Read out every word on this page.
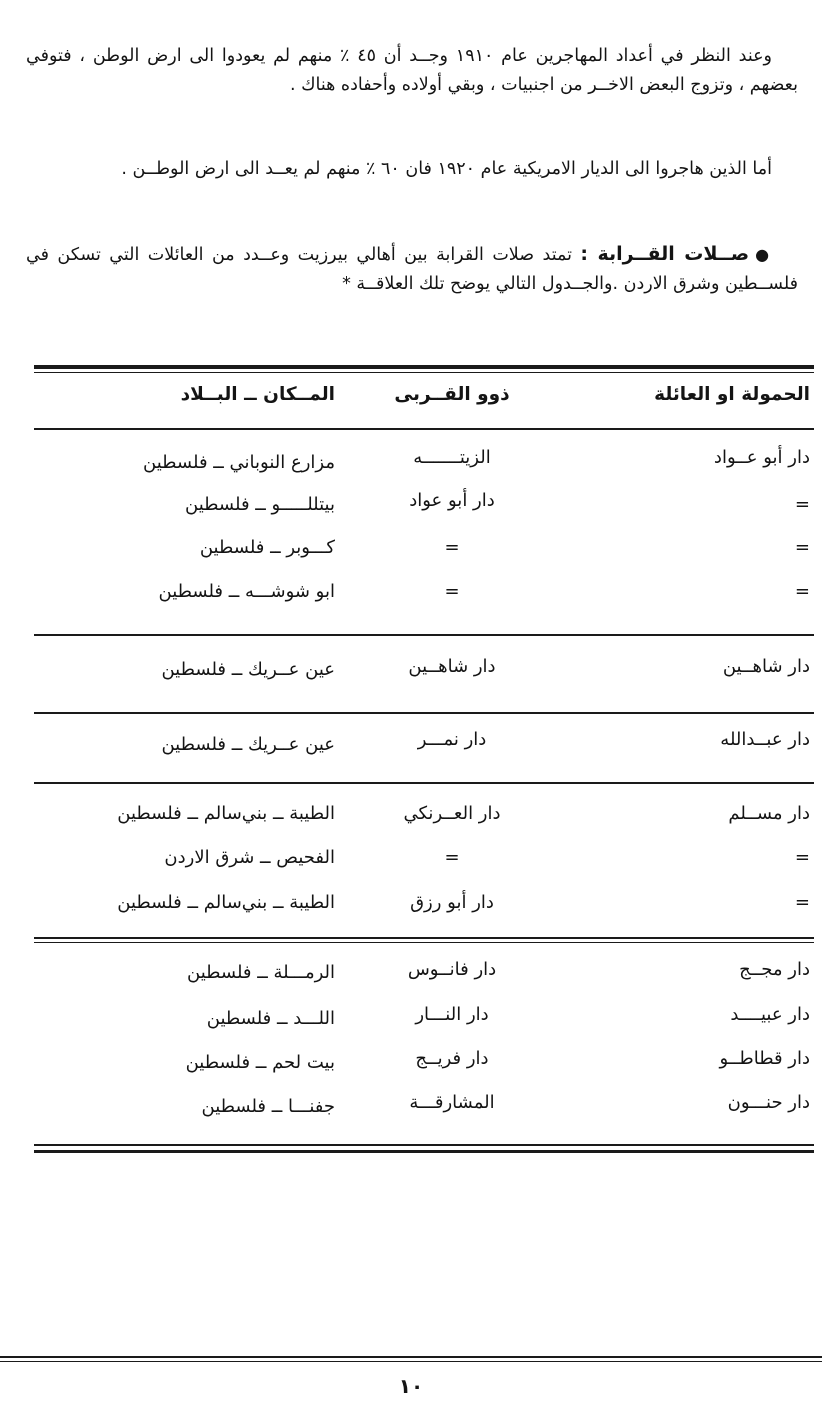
وعند النظر في أعداد المهاجرين عام ١٩١٠ وجــد أن ٤٥ ٪ منهم لم يعودوا الى ارض الوطن ، فتوفي بعضهم ، وتزوج البعض الاخــر من اجنبيات ، وبقي أولاده وأحفاده هناك .

أما الذين هاجروا الى الديار الامريكية عام ١٩٢٠ فان ٦٠ ٪ منهم لم يعــد الى ارض الوطــن .

●صــلات القــرابة : تمتد صلات القرابة بين أهالي بيرزيت وعــدد من العائلات التي تسكن في فلســطين وشرق الاردن .والجــدول التالي يوضح تلك العلاقــة *

الحمولة او العائلة
ذوو القــربى
المــكان ــ البــلاد
دار أبو عــواد
الزيتـــــــه
مزارع النوباني ــ فلسطين
=
دار أبو عواد
بيتللـــــو ــ فلسطين
=
=
كـــوبر ــ فلسطين
=
=
ابو شوشـــه ــ فلسطين
دار شاهــين
دار شاهــين
عين عــريك ــ فلسطين
دار عبــدالله
دار نمـــر
عين عــريك ــ فلسطين
دار مســلم
دار العــرنكي
الطيبة ــ بني‌سالم ــ فلسطين
=
=
الفحيص ــ شرق الاردن
=
دار أبو رزق
الطيبة ــ بني‌سالم ــ فلسطين
دار مجــج
دار فانــوس
الرمـــلة ــ فلسطين
دار عبيــــد
دار النـــار
اللـــد ــ فلسطين
دار قطاطــو
دار فريــج
بيت لحم ــ فلسطين
دار حنـــون
المشارقـــة
جفنـــا ــ فلسطين
١٠
